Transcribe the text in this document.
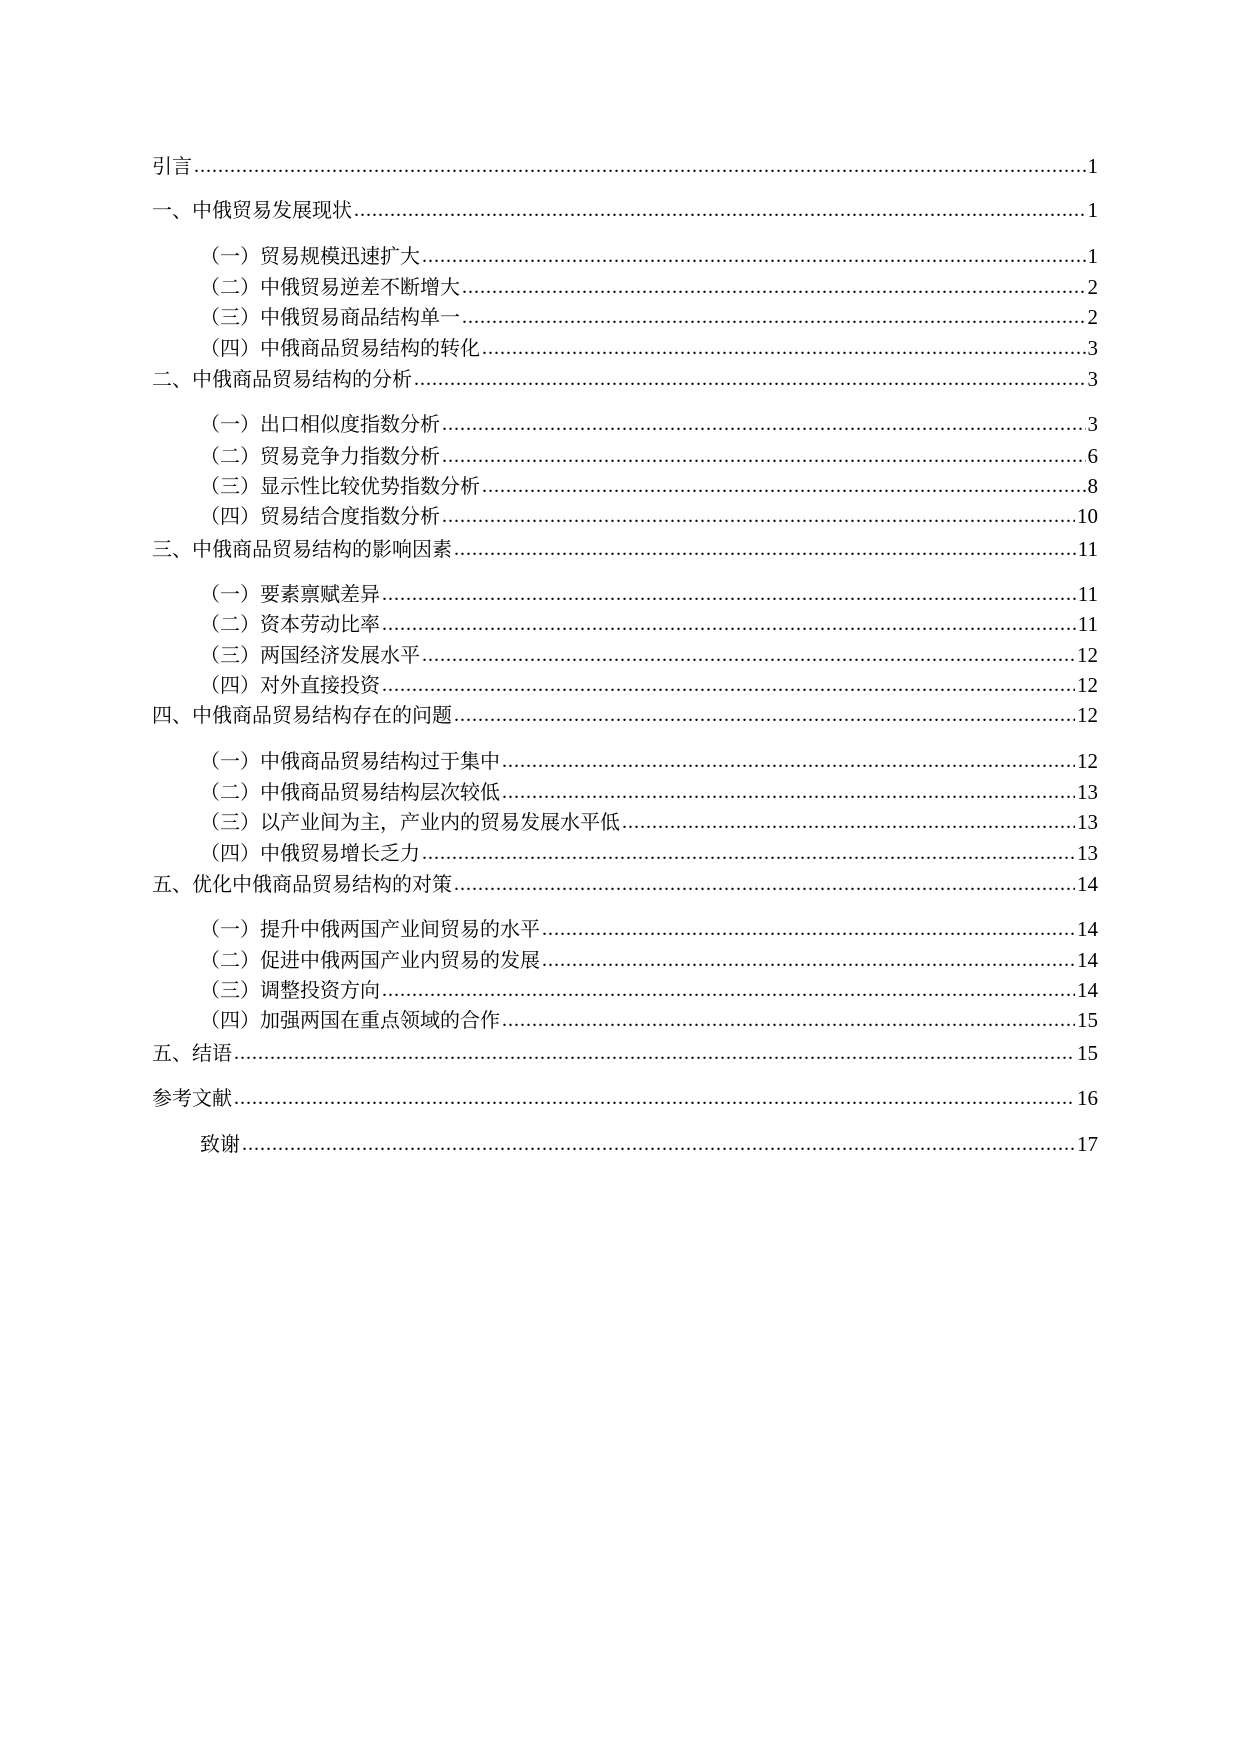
引言 .....	1
一、中俄贸易发展现状 .....	1
（一）贸易规模迅速扩大 .....	1
（二）中俄贸易逆差不断增大 .....	2
（三）中俄贸易商品结构单一 .....	2
（四）中俄商品贸易结构的转化 .....	3
二、中俄商品贸易结构的分析 .....	3
（一）出口相似度指数分析 .....	3
（二）贸易竞争力指数分析 .....	6
（三）显示性比较优势指数分析 .....	8
（四）贸易结合度指数分析 .....	10
三、中俄商品贸易结构的影响因素 .....	11
（一）要素禀赋差异 .....	11
（二）资本劳动比率 .....	11
（三）两国经济发展水平 .....	12
（四）对外直接投资 .....	12
四、中俄商品贸易结构存在的问题 .....	12
（一）中俄商品贸易结构过于集中 .....	12
（二）中俄商品贸易结构层次较低 .....	13
（三）以产业间为主，产业内的贸易发展水平低 .....	13
（四）中俄贸易增长乏力 .....	13
五、优化中俄商品贸易结构的对策 .....	14
（一）提升中俄两国产业间贸易的水平 .....	14
（二）促进中俄两国产业内贸易的发展 .....	14
（三）调整投资方向 .....	14
（四）加强两国在重点领域的合作 .....	15
五、结语 .....	15
参考文献 .....	16
致谢 .....	17
